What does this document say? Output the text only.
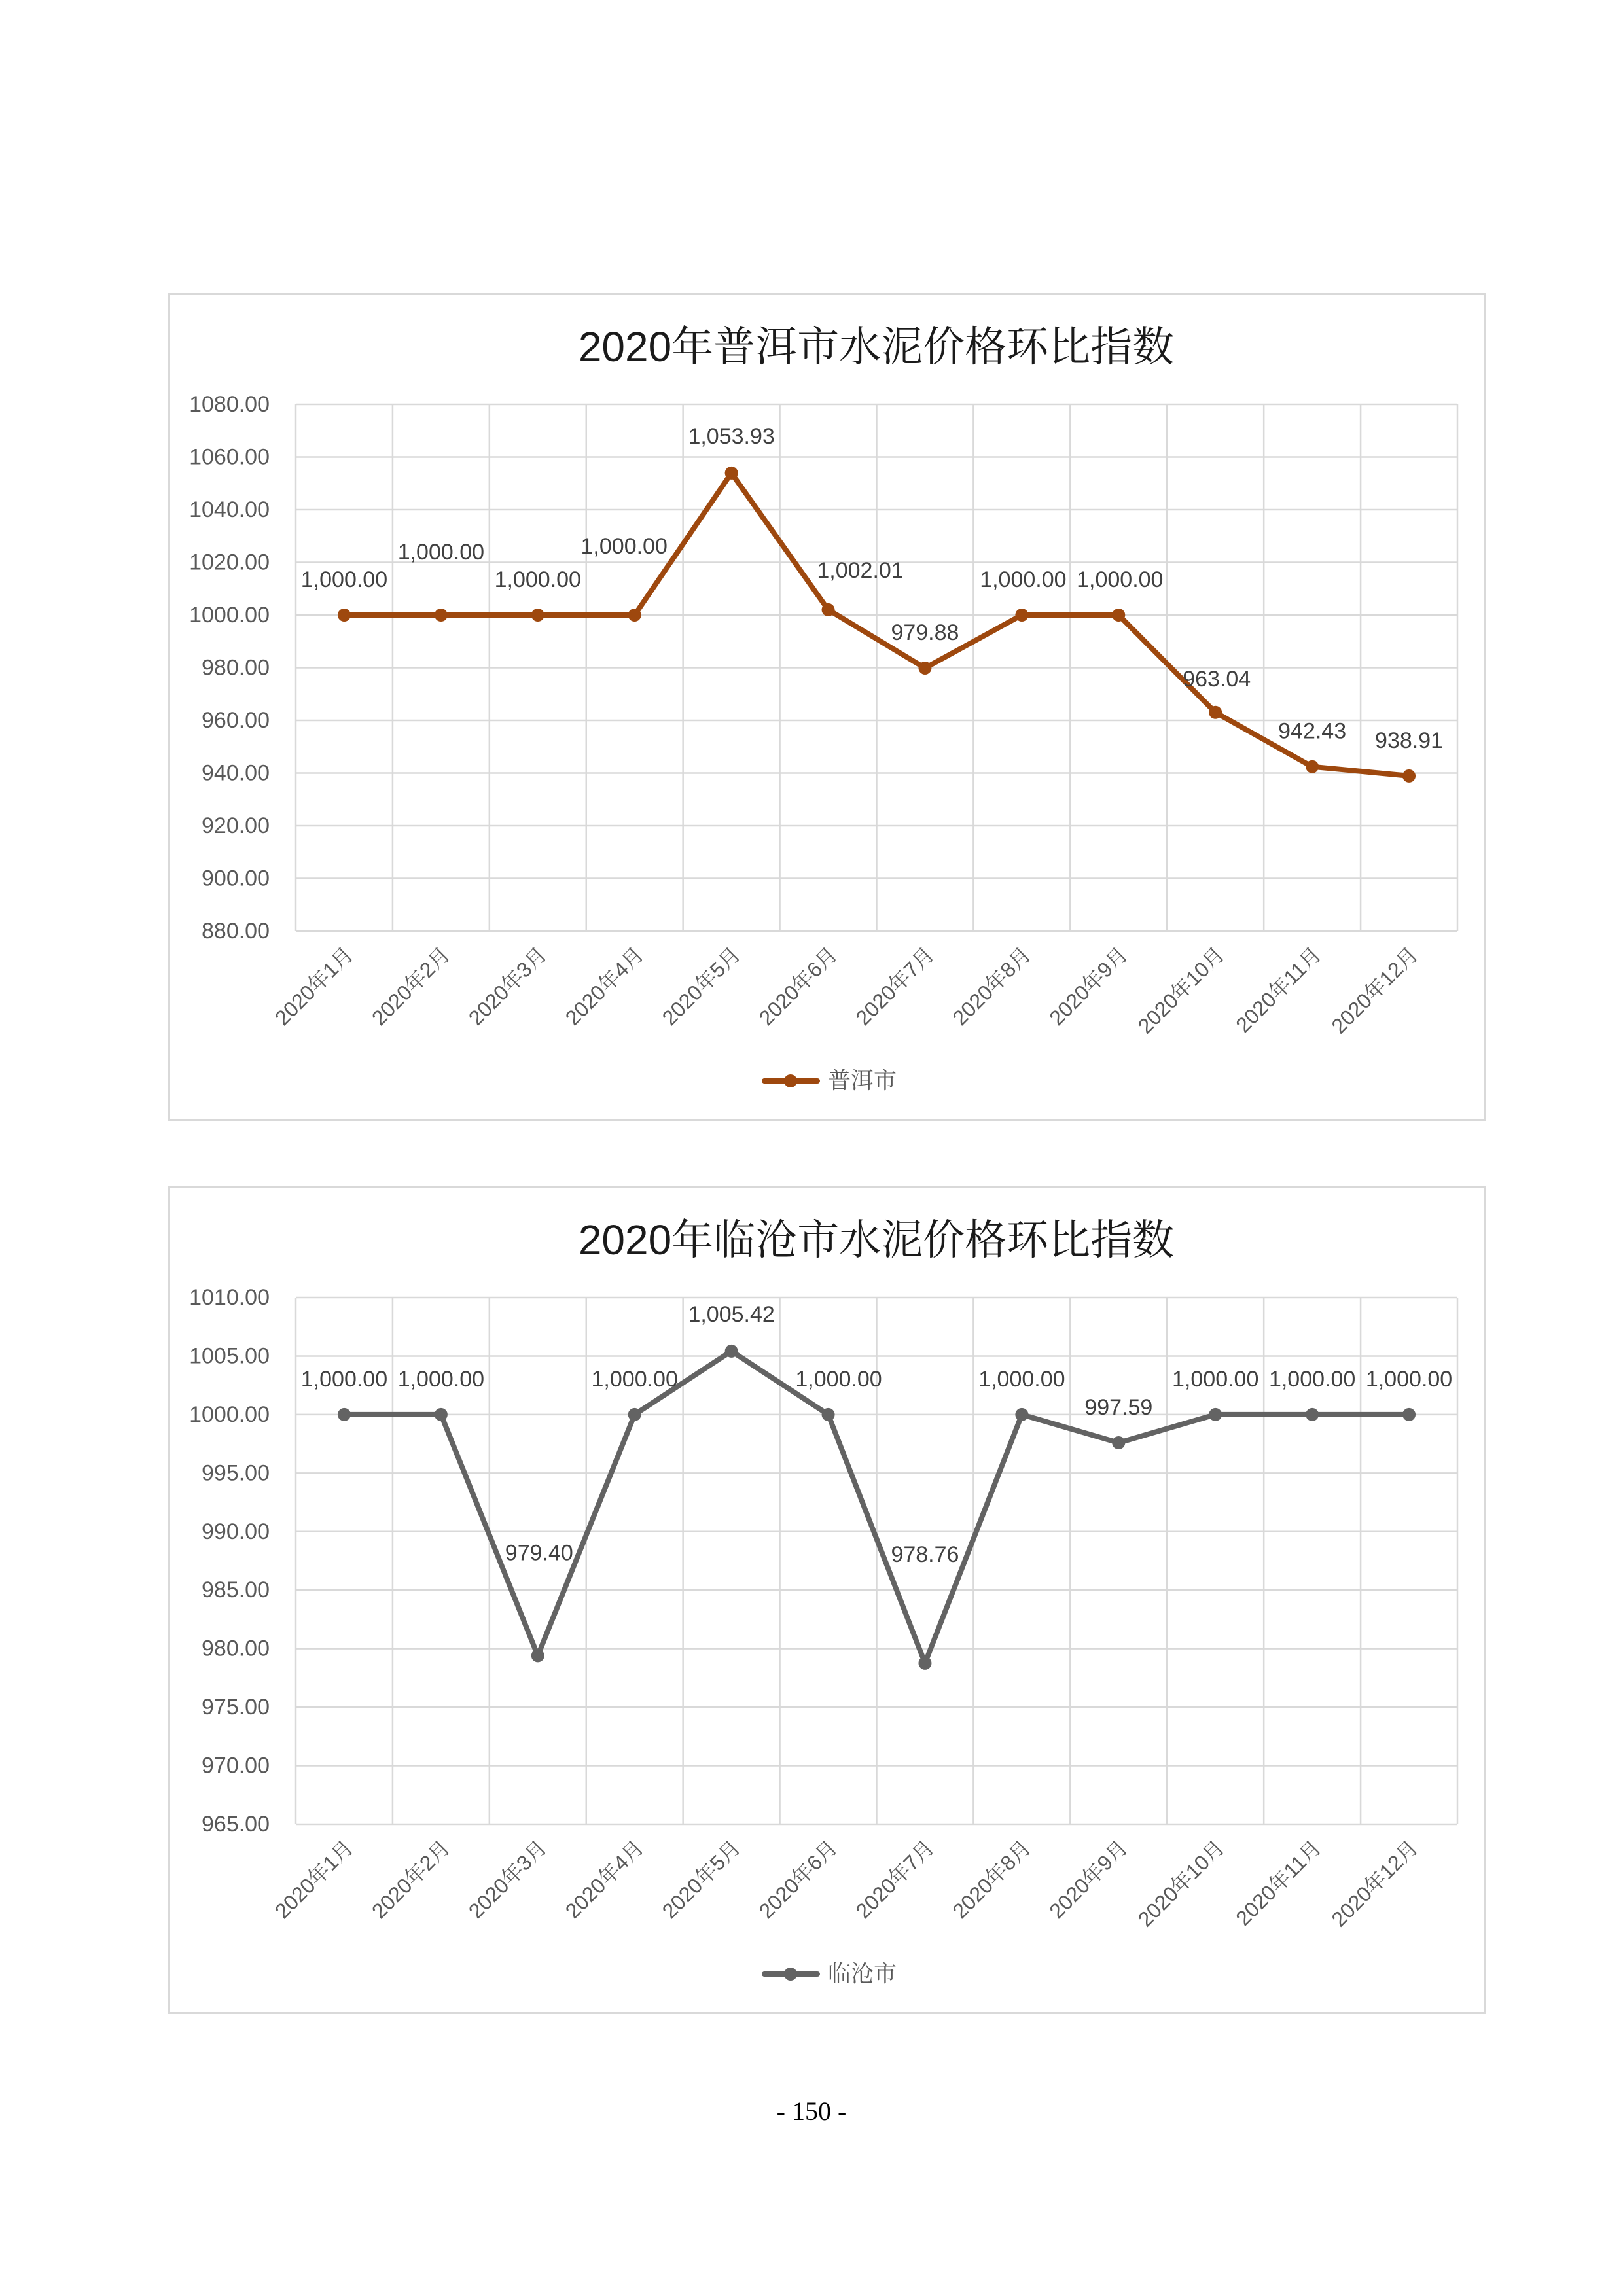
2020年普洱市水泥价格环比指数
880.00
900.00
920.00
940.00
960.00
980.00
1000.00
1020.00
1040.00
1060.00
1080.00
2020年1月 2020年2月 2020年3月 2020年4月 2020年5月 2020年6月 2020年7月 2020年8月 2020年9月 2020年10月 2020年11月 2020年12月
1,000.00
1,000.00
1,000.00
1,000.00
1,053.93
1,002.01
979.88
1,000.00 1,000.00
963.04
942.43 938.91
普洱市
2020年临沧市水泥价格环比指数
965.00
970.00
975.00
980.00
985.00
990.00
995.00
1000.00
1005.00
1010.00
2020年1月 2020年2月 2020年3月 2020年4月 2020年5月 2020年6月 2020年7月 2020年8月 2020年9月 2020年10月 2020年11月 2020年12月
1,000.00 1,000.00
979.40
1,000.00
1,005.42
1,000.00
978.76
1,000.00
997.59
1,000.00 1,000.00 1,000.00
临沧市
- 150 -
